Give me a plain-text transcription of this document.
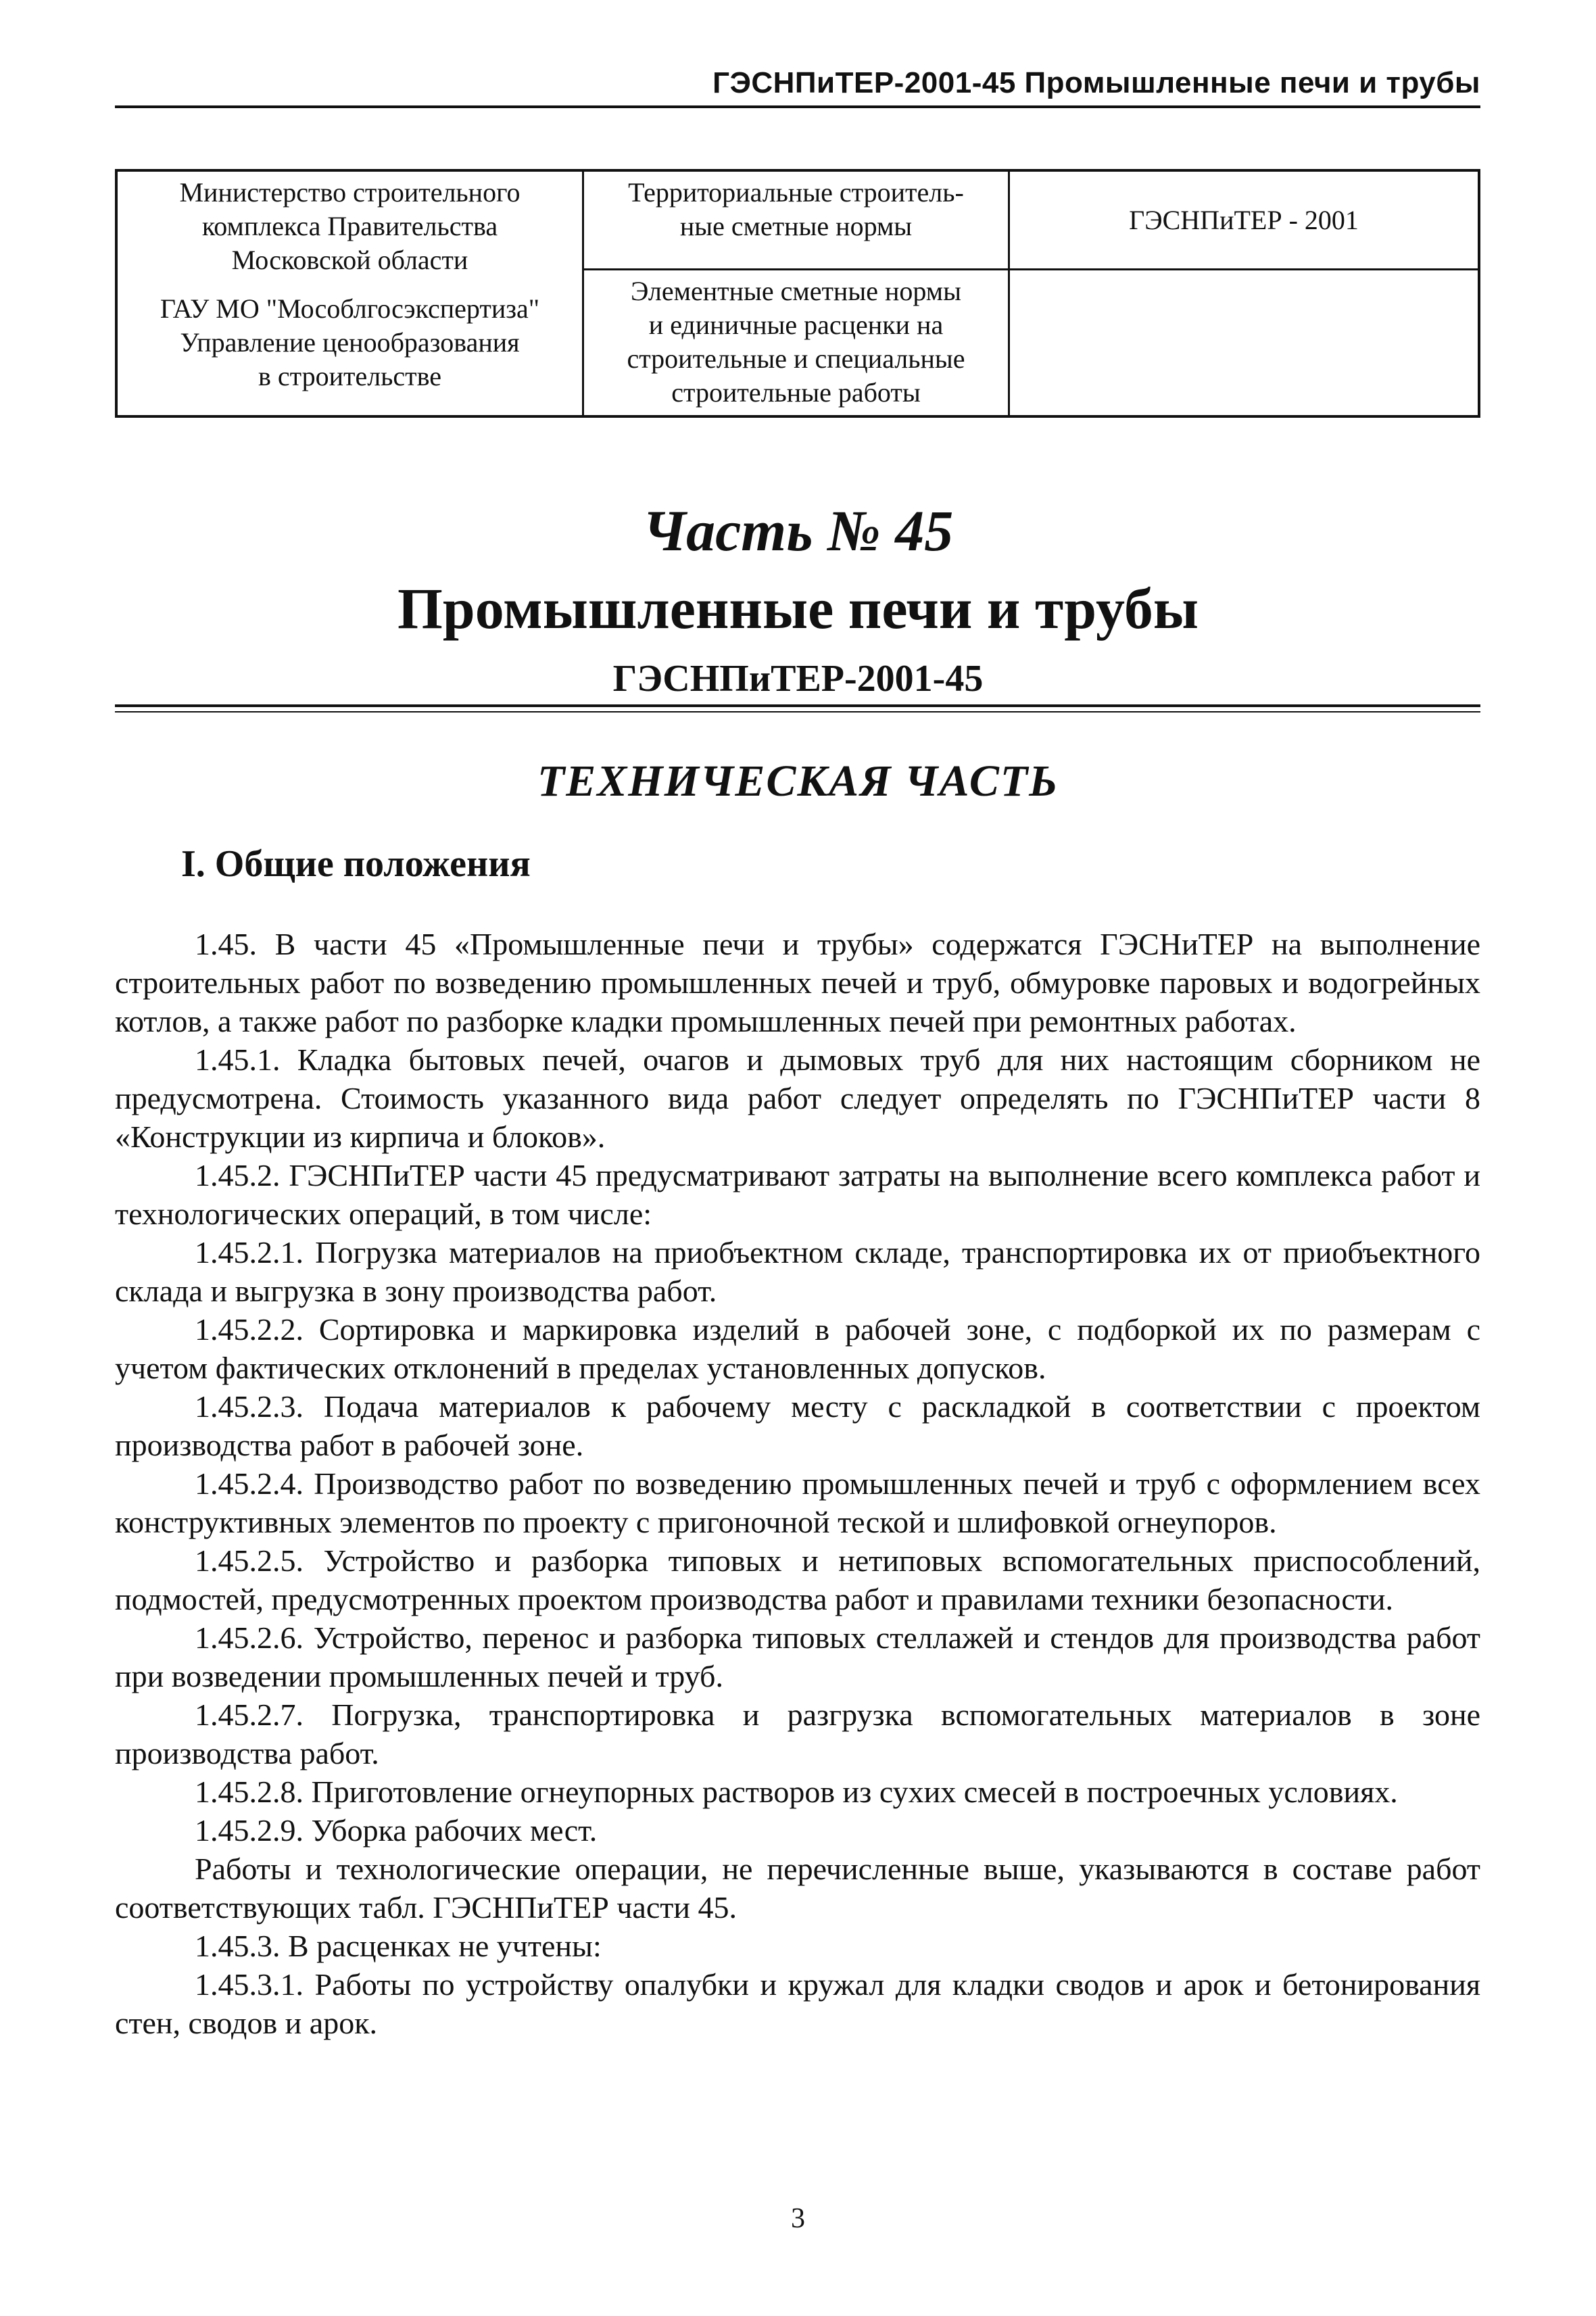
ГЭСНПиТЕР-2001-45 Промышленные печи и трубы
Министерство строительного
комплекса Правительства
Московской области
ГАУ МО "Мособлгосэкспертиза"
Управление ценообразования
в строительстве
Территориальные строитель-
ные сметные нормы
Элементные сметные нормы
и единичные расценки на
строительные и специальные
строительные работы
ГЭСНПиТЕР - 2001
Часть № 45
Промышленные печи и трубы
ГЭСНПиТЕР-2001-45
ТЕХНИЧЕСКАЯ ЧАСТЬ
I. Общие положения

1.45. В части 45 «Промышленные печи и трубы» содержатся ГЭСНиТЕР на выполнение строительных работ по возведению промышленных печей и труб, обмуровке паровых и водогрейных котлов, а также работ по разборке кладки промышленных печей при ремонтных работах.

1.45.1. Кладка бытовых печей, очагов и дымовых труб для них настоящим сборником не предусмотрена. Стоимость указанного вида работ следует определять по ГЭСНПиТЕР части 8 «Конструкции из кирпича и блоков».

1.45.2. ГЭСНПиТЕР части 45 предусматривают затраты на выполнение всего комплекса работ и технологических операций, в том числе:

1.45.2.1. Погрузка материалов на приобъектном складе, транспортировка их от приобъектного склада и выгрузка в зону производства работ.

1.45.2.2. Сортировка и маркировка изделий в рабочей зоне, с подборкой их по размерам с учетом фактических отклонений в пределах установленных допусков.

1.45.2.3. Подача материалов к рабочему месту с раскладкой в соответствии с проектом производства работ в рабочей зоне.

1.45.2.4. Производство работ по возведению промышленных печей и труб с оформлением всех конструктивных элементов по проекту с пригоночной теской и шлифовкой огнеупоров.

1.45.2.5. Устройство и разборка типовых и нетиповых вспомогательных приспособлений, подмостей, предусмотренных проектом производства работ и правилами техники безопасности.

1.45.2.6. Устройство, перенос и разборка типовых стеллажей и стендов для производства работ при возведении промышленных печей и труб.

1.45.2.7. Погрузка, транспортировка и разгрузка вспомогательных материалов в зоне производства работ.

1.45.2.8. Приготовление огнеупорных растворов из сухих смесей в построечных условиях.

1.45.2.9. Уборка рабочих мест.

Работы и технологические операции, не перечисленные выше, указываются в составе работ соответствующих табл. ГЭСНПиТЕР части 45.

1.45.3. В расценках не учтены:

1.45.3.1. Работы по устройству опалубки и кружал для кладки сводов и арок и бетонирования стен, сводов и арок.

3
